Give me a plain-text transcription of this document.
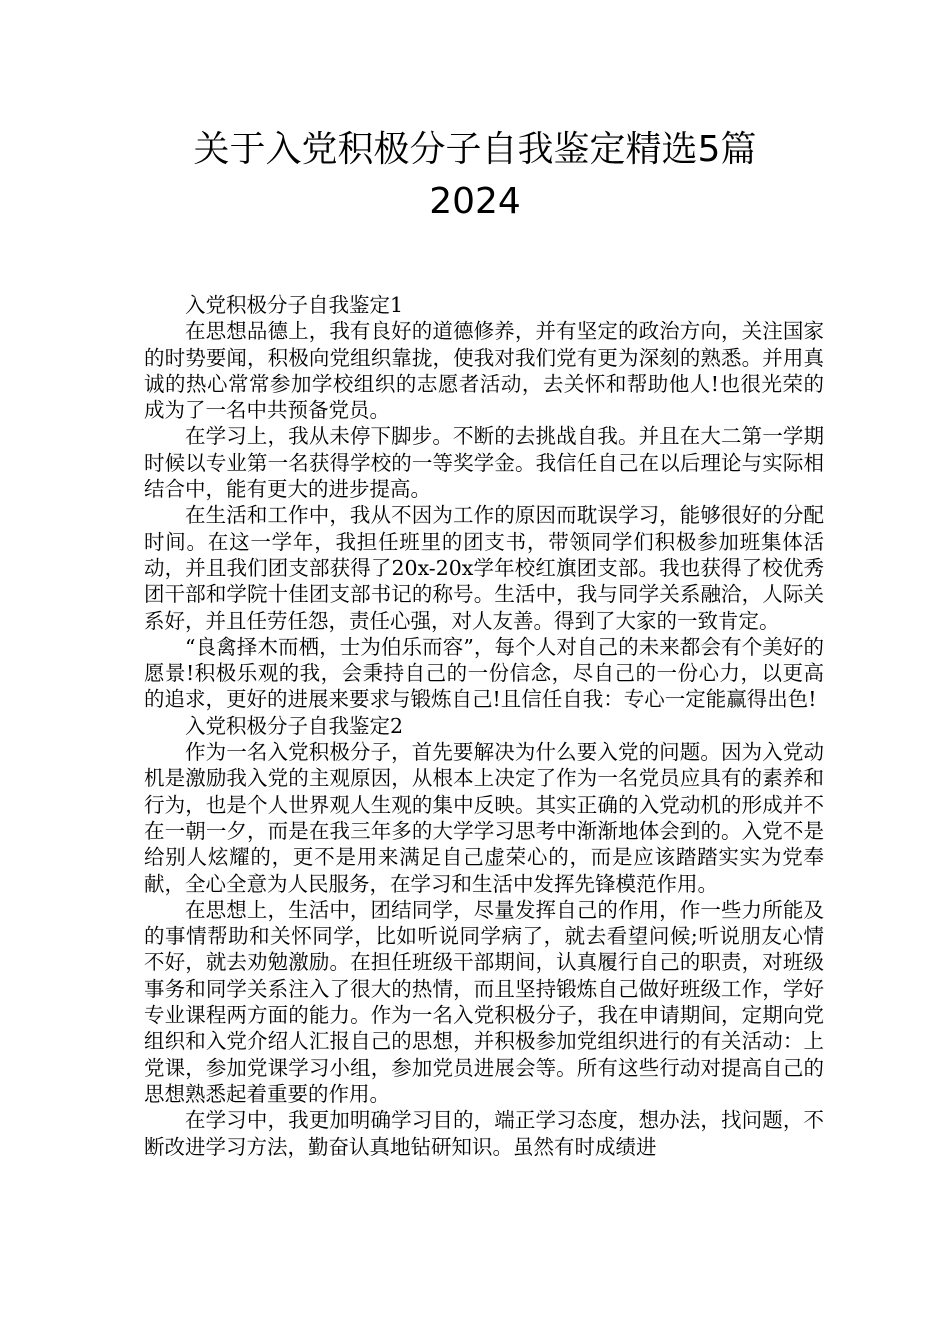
关于入党积极分子自我鉴定精选5篇
2024

入党积极分子自我鉴定1

在思想品德上，我有良好的道德修养，并有坚定的政治方向，关注国家的时势要闻，积极向党组织靠拢，使我对我们党有更为深刻的熟悉。并用真诚的热心常常参加学校组织的志愿者活动，去关怀和帮助他人!也很光荣的成为了一名中共预备党员。

在学习上，我从未停下脚步。不断的去挑战自我。并且在大二第一学期时候以专业第一名获得学校的一等奖学金。我信任自己在以后理论与实际相结合中，能有更大的进步提高。

在生活和工作中，我从不因为工作的原因而耽误学习，能够很好的分配时间。在这一学年，我担任班里的团支书，带领同学们积极参加班集体活动，并且我们团支部获得了20x-20x学年校红旗团支部。我也获得了校优秀团干部和学院十佳团支部书记的称号。生活中，我与同学关系融洽，人际关系好，并且任劳任怨，责任心强，对人友善。得到了大家的一致肯定。

“良禽择木而栖，士为伯乐而容”，每个人对自己的未来都会有个美好的愿景!积极乐观的我，会秉持自己的一份信念，尽自己的一份心力，以更高的追求，更好的进展来要求与锻炼自己!且信任自我：专心一定能赢得出色!

入党积极分子自我鉴定2

作为一名入党积极分子，首先要解决为什么要入党的问题。因为入党动机是激励我入党的主观原因，从根本上决定了作为一名党员应具有的素养和行为，也是个人世界观人生观的集中反映。其实正确的入党动机的形成并不在一朝一夕，而是在我三年多的大学学习思考中渐渐地体会到的。入党不是给别人炫耀的，更不是用来满足自己虚荣心的，而是应该踏踏实实为党奉献，全心全意为人民服务，在学习和生活中发挥先锋模范作用。

在思想上，生活中，团结同学，尽量发挥自己的作用，作一些力所能及的事情帮助和关怀同学，比如听说同学病了，就去看望问候;听说朋友心情不好，就去劝勉激励。在担任班级干部期间，认真履行自己的职责，对班级事务和同学关系注入了很大的热情，而且坚持锻炼自己做好班级工作，学好专业课程两方面的能力。作为一名入党积极分子，我在申请期间，定期向党组织和入党介绍人汇报自己的思想，并积极参加党组织进行的有关活动：上党课，参加党课学习小组，参加党员进展会等。所有这些行动对提高自己的思想熟悉起着重要的作用。

在学习中，我更加明确学习目的，端正学习态度，想办法，找问题，不断改进学习方法，勤奋认真地钻研知识。虽然有时成绩进
